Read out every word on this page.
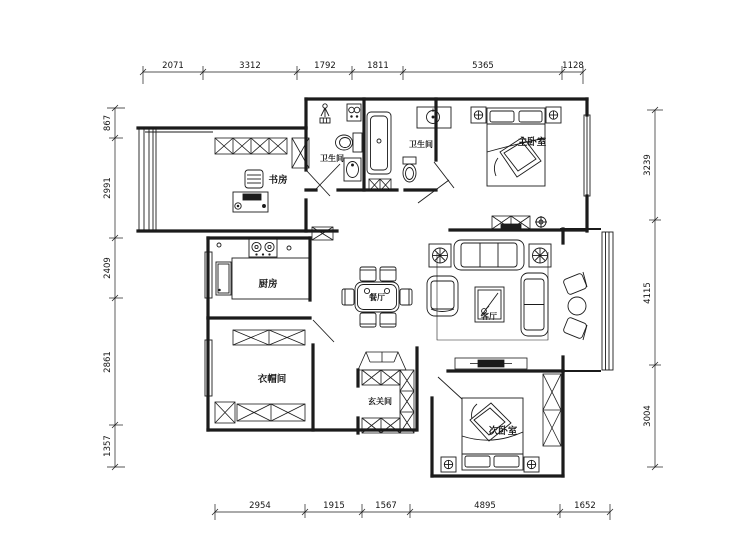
2071	3312	1792	1811	5365	1128
2954	1915	1567	4895	1652
867
2991
2409
2861
1357
3239
4115
3004
书房
卫生间
卫生间	主卧室
厨房
餐厅
客厅
衣帽间
玄关间
次卧室
